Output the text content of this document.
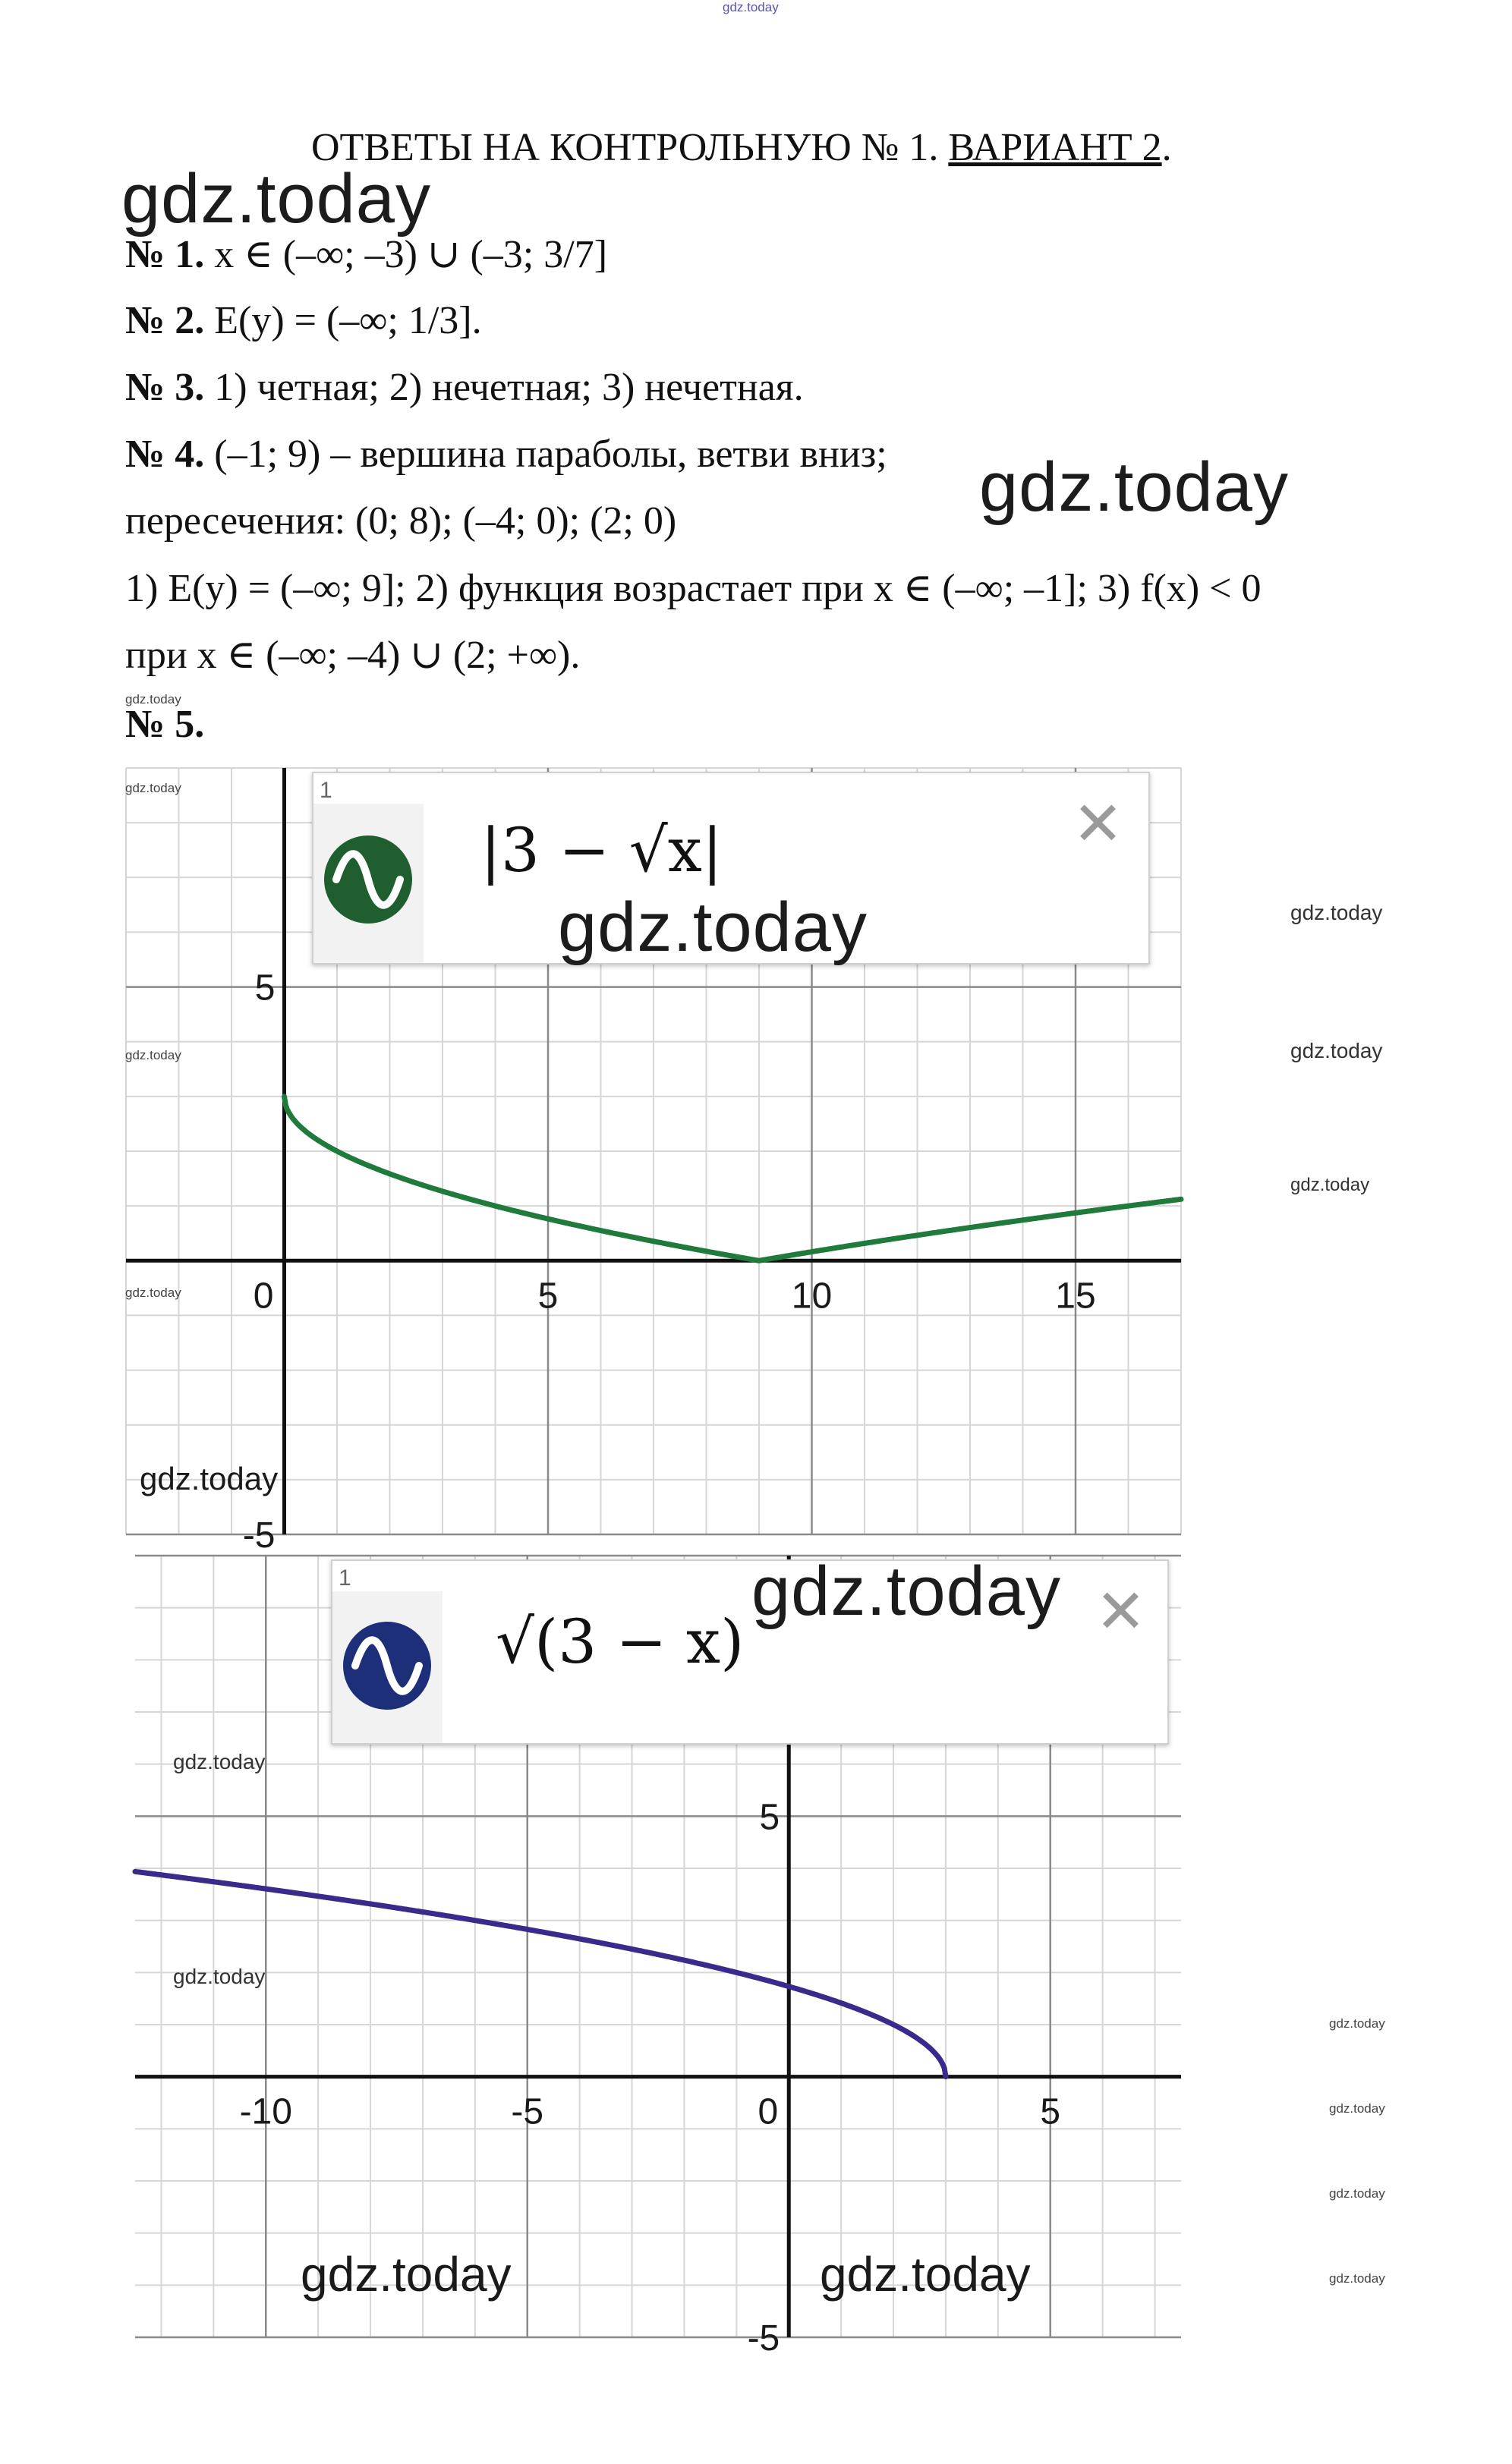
gdz.today
ОТВЕТЫ НА КОНТРОЛЬНУЮ № 1. ВАРИАНТ 2.
gdz.today
№ 1. x ∈ (–∞; –3) ∪ (–3; 3/7]
№ 2. E(y) = (–∞; 1/3].
№ 3. 1) четная; 2) нечетная; 3) нечетная.
№ 4. (–1; 9) – вершина параболы, ветви вниз; gdz.today
пересечения: (0; 8); (–4; 0); (2; 0)
1) E(y) = (–∞; 9]; 2) функция возрастает при x ∈ (–∞; –1]; 3) f(x) < 0
при x ∈ (–∞; –4) ∪ (2; +∞).
gdz.today
№ 5.
0	5	10	15
5
-5
1
|3 − √x|	✕
gdz.today	gdz.today
gdz.today
gdz.today
gdz.today
gdz.today
gdz.today
gdz.today
-10	-5	0	5
5
-5
1
√(3 − x)	✕
gdz.today
gdz.today
gdz.today
gdz.today
gdz.today
gdz.today
gdz.today
gdz.today	gdz.today
